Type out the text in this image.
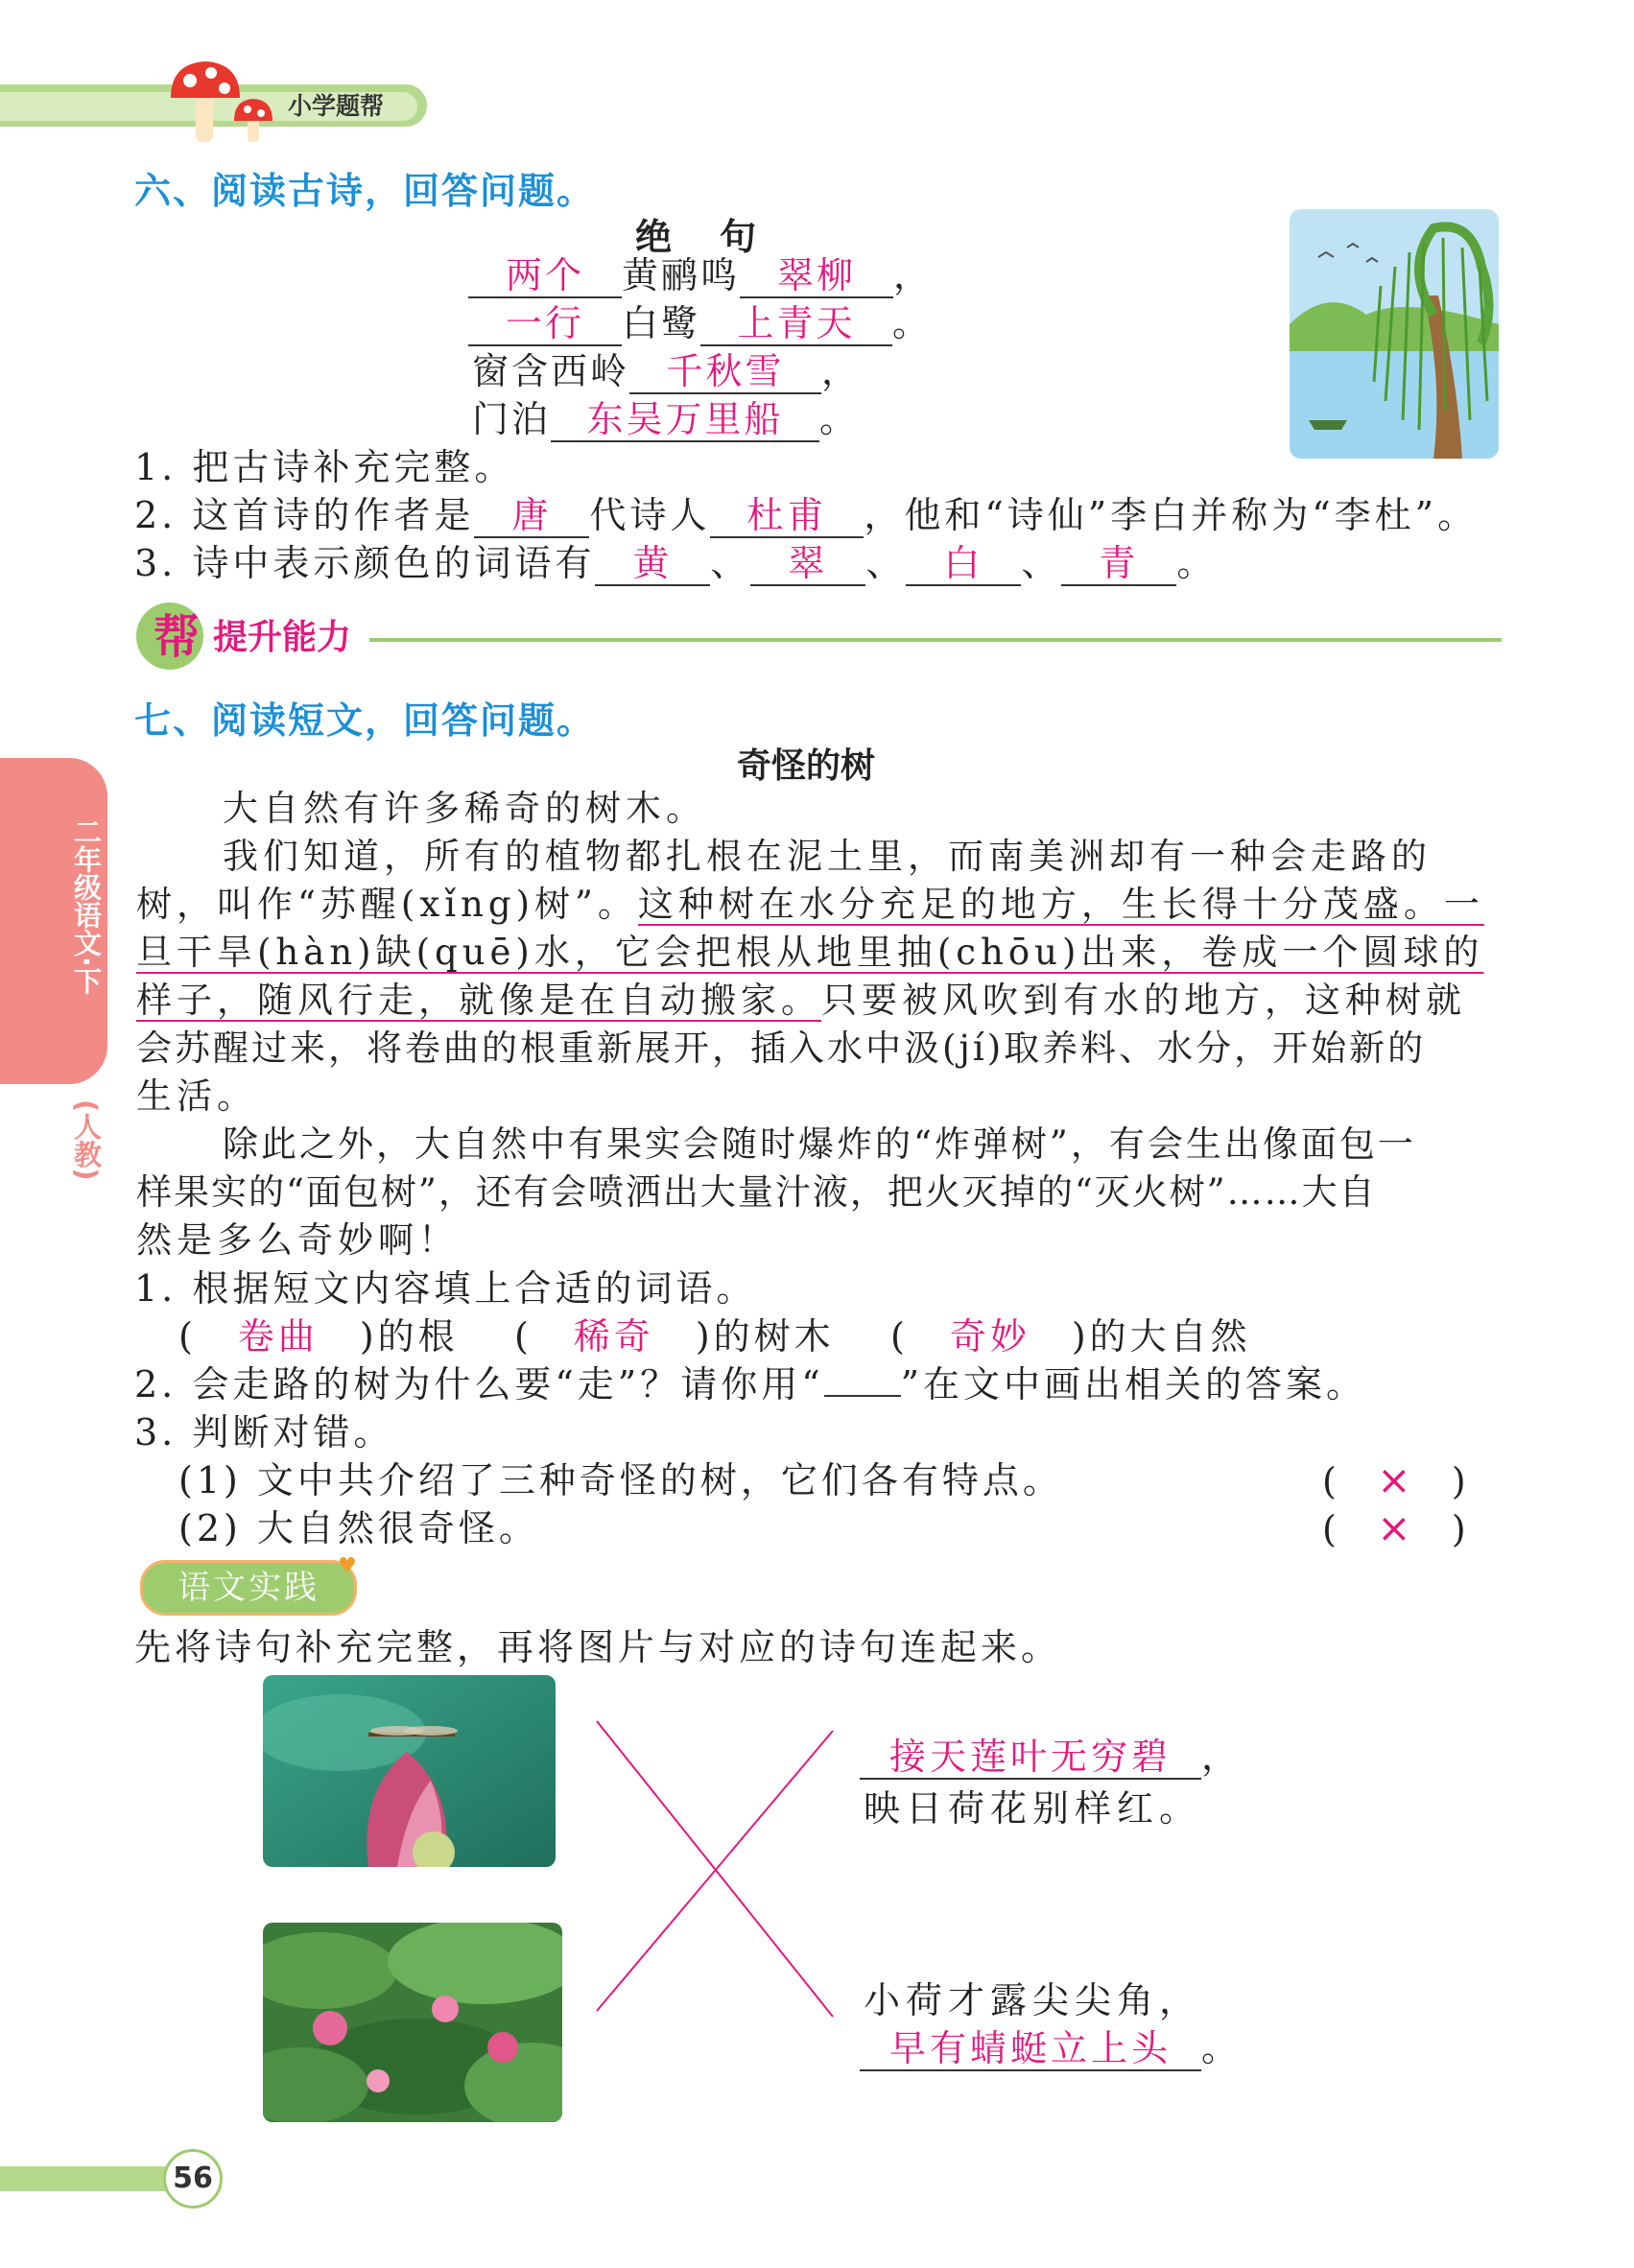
小学题帮
二年级语文·下
(人教)
六、阅读古诗，回答问题。
绝　句
两个 黄鹂鸣 翠柳 ，
一行 白鹭 上青天 。
窗含西岭 千秋雪 ，
门泊 东吴万里船 。
1. 把古诗补充完整。
2. 这首诗的作者是 唐 代诗人 杜甫 ，他和“诗仙”李白并称为“李杜”。
3. 诗中表示颜色的词语有 黄 、 翠 、 白 、 青 。
帮 提升能力
七、阅读短文，回答问题。
奇怪的树
大自然有许多稀奇的树木。
我们知道，所有的植物都扎根在泥土里，而南美洲却有一种会走路的
树，叫作“苏醒(xǐng)树”。这种树在水分充足的地方，生长得十分茂盛。一
旦干旱(hàn)缺(quē)水，它会把根从地里抽(chōu)出来，卷成一个圆球的
样子，随风行走，就像是在自动搬家。只要被风吹到有水的地方，这种树就
会苏醒过来，将卷曲的根重新展开，插入水中汲(jí)取养料、水分，开始新的
生活。
除此之外，大自然中有果实会随时爆炸的“炸弹树”，有会生出像面包一
样果实的“面包树”，还有会喷洒出大量汁液，把火灭掉的“灭火树”……大自
然是多么奇妙啊！
1. 根据短文内容填上合适的词语。
( 卷曲 )的根 ( 稀奇 )的树木 ( 奇妙 )的大自然
2. 会走路的树为什么要“走”？请你用“ ”在文中画出相关的答案。
3. 判断对错。
(1) 文中共介绍了三种奇怪的树，它们各有特点。	( × )
(2) 大自然很奇怪。	( × )
语文实践
♥
先将诗句补充完整，再将图片与对应的诗句连起来。
接天莲叶无穷碧 ，
映日荷花别样红。
小荷才露尖尖角，
早有蜻蜓立上头 。
56
